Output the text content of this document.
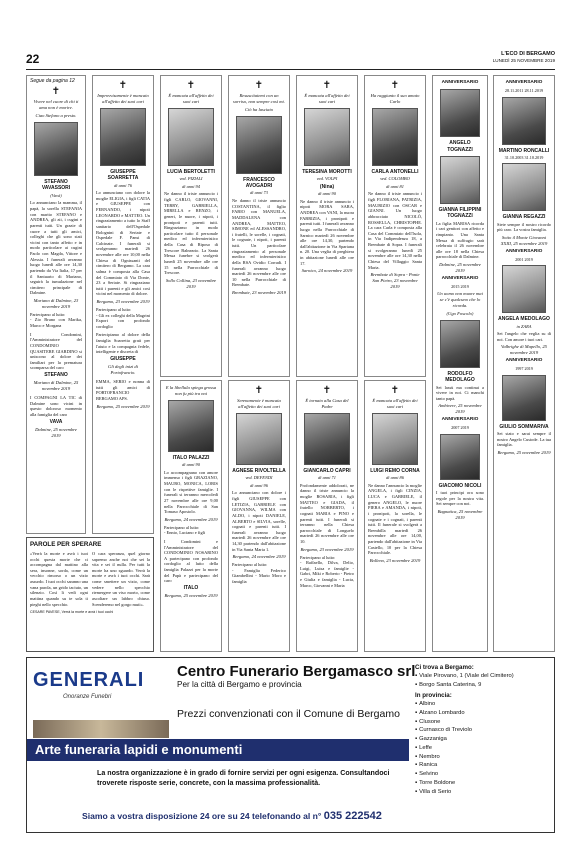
22	L'ECO DI BERGAMO
LUNEDÌ 25 NOVEMBRE 2019
Segue da pagina 12
✝
Vivere nel cuore di chi ti ama non è morire.
Ciao Stefano a presto.
STEFANO VAVASSORI
(Vavà)
Lo annunciano la mamma, il papà, la sorella STEFANIA con marito STEFANO e ANDREA, gli zii, i cugini e parenti tutti. Un grazie di cuore a tutti gli amici, colleghi che gli sono stati vicini con tanto affetto e in modo particolare ai cugini Paolo con Magda, Vittore e Alessia. I funerali avranno luogo lunedì alle ore 14,30 partendo da Via Italia, 17 per il Santuario di Mariano, seguirà la tumulazione nel cimitero principale di Dalmine.
Mariano di Dalmine, 23 novembre 2019
Partecipano al lutto:
- Zio Bruno con Marika, Marco e Morgana
I Condomini, l'Amministratore del CONDOMINIO QUASITERE GIARDINO si uniscono al dolore dei familiari per la prematura scomparsa del caro
STEFANO
Mariano di Dalmine, 25 novembre 2019
I COMPAGNI LA TIC di Dalmine sono vicini in questo doloroso momento alla famiglia del caro
VAVA
Dalmine, 25 novembre 2019
✝
Improvvisamente è mancato all'affetto dei suoi cari
GIUSEPPE SOARRETTA
di anni 76
Lo annunciano con dolore la moglie ELIGIA, i figli CATIA e GIUSEPPE con FERNANDO, i nipoti LEONARDO e MATTEO. Un ringraziamento a tutto lo Staff sanitario dell'Ospedale Bolognini di Seriate e Ospedale F. Pansi di Calcinate. I funerali si svolgeranno martedì 26 novembre alle ore 10,00 nella Chiesa di Ognissanti del cimitero di Bergamo. La cara salma è composta alla Casa del Commiato di Via Donte, 23 a Seriate. Si ringraziano tutti i parenti e gli amici così vicini nel momento di dolore.
Bergamo, 23 novembre 2019
Partecipano al lutto:
- Gli ex colleghi della Magrini Export con profondo cordoglio
Partecipiamo al dolore della famiglia Soarretta grati per l'aiuto e la compagnia fedele, intelligente e discreta di
GIUSEPPE
Gli degli inizi di Portofrancio.
EMMA, SERIO e nonna di tutti gli amici di PORTOFRANCIO BERGAMO APS.
Bergamo, 25 novembre 2019
✝
È mancata all'affetto dei suoi cari
LUCIA BERTOLETTI
ved. PIZIALI
di anni 94
Ne danno il triste annuncio i figli CARLO, GIOVANNI, TERRY, GABRIELLA, MIRELLA e RENZO, i generi, le nuore, i nipoti, i pronipoti e parenti tutti. Ringraziamo in modo particolare tutto il personale medico ed infermieristico della Casa di Riposo di Trescore Balneario. La Santa Messa funebre si svolgerà lunedì 25 novembre alle ore 15 nella Parrocchiale di Trescore.
Sollo Collina, 23 novembre 2019
E la libellula spiega grossa non fu più tra noi
ITALO PALAZZI
di anni 90
Lo accompagnano con amore immenso i figli GRAZIANO, MAURO, MONICA, LORIS con le rispettive famiglie. I funerali si terranno mercoledì 27 novembre alle ore 9,00 nella Parrocchiale di San Tomaso Apostolo.
Bergamo, 24 novembre 2019
Partecipano al lutto:
- Ennio, Luciano e figli
I Condomini e l'Amministratore del CONDOMINIO NOSARINO A partecipano con profondo cordoglio al lutto della famiglia Palazzi per la morte del Papà e partecipano del caro
ITALO
Bergamo, 25 novembre 2019
✝
Resuscitatemi con un sorriso, non sempre così mi.
Ciò ha lasciato
FRANCESCO AVOGADRI
di anni 73
Ne danno il triste annuncio COSTANTINA, il figlio FABIO con MANUELA, MADDALENA con ANDREA, MATTEO, SIMONE ed ALESSANDRO, i fratelli, le sorelle, i cognati, le cognate, i nipoti, i parenti tutti. Un particolare ringraziamento al personale medico ed infermieristico della RSA Ovidio Corradi. I funerali avranno luogo martedì 26 novembre alle ore 10 nella Parrocchiale di Brembate.
Brembate, 23 novembre 2019
✝
Serenamente è mancata all'affetto dei suoi cari
AGNESE RIVOLTELLA
ved. DEFENDI
di anni 96
Lo annunciano con dolore i figli GIUSEPPE con LETIZIA, GABRIELE con GIOVANNA, WILMA con ALDO, i nipoti DANIELE, ALBERTO e SILVIA, sorelle, cognati e parenti tutti. I funerali avranno luogo martedì 26 novembre alle ore 14,30 partendo dall'abitazione in Via Santa Maria 1.
Bergamo, 24 novembre 2019
Partecipano al lutto:
- Famiglia Federico Giambellini - Mario Moro e famiglia
✝
È mancata all'affetto dei suoi cari
TERESINA MOROTTI
ved. VOLPI
(Nina)
di anni 90
Ne danno il triste annuncio i nipoti MORA SARA, ANDREA con VANI, la nuora FABRIZIA, i pronipoti e parenti tutti. I funerali avranno luogo nella Parrocchiale di Sarnico martedì 26 novembre alle ore 14,30, partendo dall'abitazione in Via Spartana n. 20. Una veglia di preghiera in abitazione lunedì alle ore 17.
Sarnico, 24 novembre 2019
✝
È tornato alla Casa del Padre
GIANCARLO CAPRI
di anni 71
Profondamente addolorati, ne danno il triste annuncio la moglie ROSARIA, i figli MATTEO e GIADA, il fratello NORBERTO, i cognati MARIA e PINO e parenti tutti. I funerali si terranno nella Chiesa parrocchiale di Longuelo martedì 26 novembre alle ore 10.
Bergamo, 23 novembre 2019
Partecipano al lutto:
- Raffaello, Dilva, Delio, Luigi, Luisa e famiglie - Gabri, Miki e Roberto - Pietro e Giulia e famiglia - Lucia, Marco, Giovanni e Maria
✝
Ha raggiunto il suo amato Carlo
CARLA ANTONELLI
ved. COLOMBO
di anni 81
Ne danno il triste annuncio i figli FLORIANA, PATRIZIA, MAURIZIO con OSCAR e GIANNI. Un luogo abbracciato NICOLÒ, ROSSELLA, CHRISTOPHE. La cara Carla è composta alla Casa del Commiato dell'Isola, in Via Indipendenza 18, a Brembate di Sopra. I funerali si svolgeranno lunedì 25 novembre alle ore 14,30 nella Chiesa del Villaggio Santa Maria.
Brembate di Sopra - Ponte San Pietro, 23 novembre 2019
✝
È mancata all'affetto dei suoi cari
LUIGI REMO CORNA
di anni 86
Ne danno l'annuncio la moglie ANGELA, i figli CINZIA, LUCA e GABRIELE, il genero ANGELO, le nuore PIERA e AMANDA, i nipoti, i pronipoti, la sorella, le cognate e i cognati, i parenti tutti. Il funerale si svolgerà a Brembilla martedì 26 novembre alle ore 14,00, partendo dall'abitazione in Via Castello, 10 per la Chiesa Parrocchiale.
Bolleno, 23 novembre 2019
ANNIVERSARIO
ANGELO TOGNAZZI
GIANNA FILIPPINI TOGNAZZI
La figlia MARISA ricorda i cari genitori con affetto e rimpianto. Una Santa Messa di suffragio sarà celebrata il 26 novembre alle ore 18 nella Chiesa parrocchiale di Dalmine.
Dalmine, 25 novembre 2019
ANNIVERSARIO
2015 2019
Un uomo non muore mai se c'è qualcuno che lo ricorda.
(Ugo Foscolo)
RODOLFO MEDOLAGO
Sei lassù ma continui a vivere in noi. Ci manchi tanto papà.
Ambivere, 25 novembre 2019
ANNIVERSARIO
2007 2019
GIACOMO NICOLI
I tuoi principi ora sono regole per la nostra vita. Sei sempre con noi.
Bagnatica, 25 novembre 2019
ANNIVERSARIO
28.11.2011 28.11.2019
MARTINO RONCALLI
31.10.2003 31.10.2019
GIANNA REGAZZI
Siete sempre il nostro ricordo più caro. La vostra famiglia.
Sotto il Monte Giovanni XXIII, 25 novembre 2019
ANNIVERSARIO
2001 2019
ANGELA MEDOLAGO
in ZARA
Sei l'angelo che veglia su di noi. Con amore i tuoi cari.
Valbrighe di Mapello, 25 novembre 2019
ANNIVERSARIO
1997 2019
GIULIO SOMMARIVA
Sei stato e sarai sempre il nostro Angelo Custode. La tua famiglia.
Bergamo, 25 novembre 2019
PAROLE PER SPERARE
«Verrà la morte e avrà i tuoi occhi questa morte che ci accompagna dal mattino alla sera, insonne, sorda, come un vecchio rimorso o un vizio assurdo. I tuoi occhi saranno una vana parola, un grido taciuto, un silenzio. Così li vedi ogni mattina quando su te sola ti pieghi nello specchio.
O cara speranza, quel giorno sapremo anche noi che sei la vita e sei il nulla. Per tutti la morte ha uno sguardo. Verrà la morte e avrà i tuoi occhi. Sarà come smettere un vizio, come vedere nello specchio riemergere un viso morto, come ascoltare un labbro chiuso. Scenderemo nel gorgo muti».
CESARE PAVESE, Verrà la morte e avrà i tuoi occhi
GENERALI
Onoranze Funebri
Centro Funerario Bergamasco srl
Per la città di Bergamo e provincia
Prezzi convenzionati con il Comune di Bergamo
Arte funeraria lapidi e monumenti
La nostra organizzazione è in grado di fornire servizi per ogni esigenza. Consultandoci troverete risposte serie, concrete, con la massima professionalità.
Siamo a vostra disposizione 24 ore su 24 telefonando al n° 035 222542
Ci trova a Bergamo:
▪ Viale Pirovano, 1 (Viale del Cimitero)
▪ Borgo Santa Caterina, 9
In provincia:
▪ Albino
▪ Alzano Lombardo
▪ Clusone
▪ Curnasco di Treviolo
▪ Gazzaniga
▪ Leffe
▪ Nembro
▪ Ranica
▪ Selvino
▪ Torre Boldone
▪ Villa di Serio
